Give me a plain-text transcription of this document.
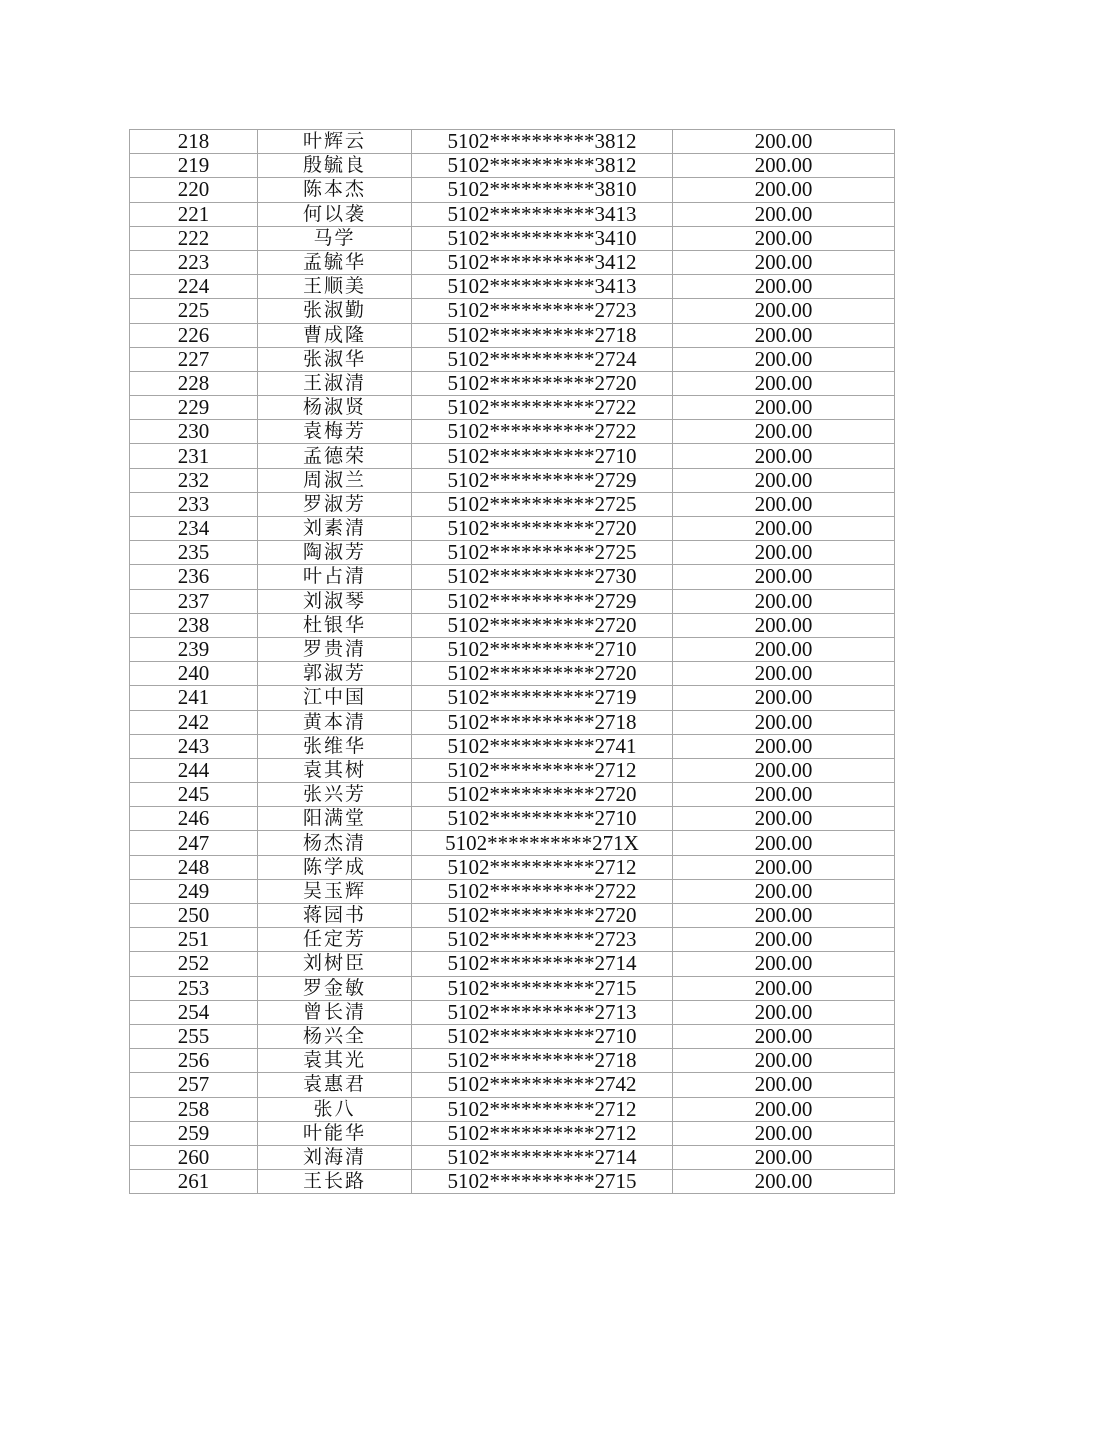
218	叶辉云	5102**********3812	200.00
219	殷毓良	5102**********3812	200.00
220	陈本杰	5102**********3810	200.00
221	何以袭	5102**********3413	200.00
222	马学	5102**********3410	200.00
223	孟毓华	5102**********3412	200.00
224	王顺美	5102**********3413	200.00
225	张淑勤	5102**********2723	200.00
226	曹成隆	5102**********2718	200.00
227	张淑华	5102**********2724	200.00
228	王淑清	5102**********2720	200.00
229	杨淑贤	5102**********2722	200.00
230	袁梅芳	5102**********2722	200.00
231	孟德荣	5102**********2710	200.00
232	周淑兰	5102**********2729	200.00
233	罗淑芳	5102**********2725	200.00
234	刘素清	5102**********2720	200.00
235	陶淑芳	5102**********2725	200.00
236	叶占清	5102**********2730	200.00
237	刘淑琴	5102**********2729	200.00
238	杜银华	5102**********2720	200.00
239	罗贵清	5102**********2710	200.00
240	郭淑芳	5102**********2720	200.00
241	江中国	5102**********2719	200.00
242	黄本清	5102**********2718	200.00
243	张维华	5102**********2741	200.00
244	袁其树	5102**********2712	200.00
245	张兴芳	5102**********2720	200.00
246	阳满堂	5102**********2710	200.00
247	杨杰清	5102**********271X	200.00
248	陈学成	5102**********2712	200.00
249	吴玉辉	5102**********2722	200.00
250	蒋园书	5102**********2720	200.00
251	任定芳	5102**********2723	200.00
252	刘树臣	5102**********2714	200.00
253	罗金敏	5102**********2715	200.00
254	曾长清	5102**********2713	200.00
255	杨兴全	5102**********2710	200.00
256	袁其光	5102**********2718	200.00
257	袁惠君	5102**********2742	200.00
258	张八	5102**********2712	200.00
259	叶能华	5102**********2712	200.00
260	刘海清	5102**********2714	200.00
261	王长路	5102**********2715	200.00
